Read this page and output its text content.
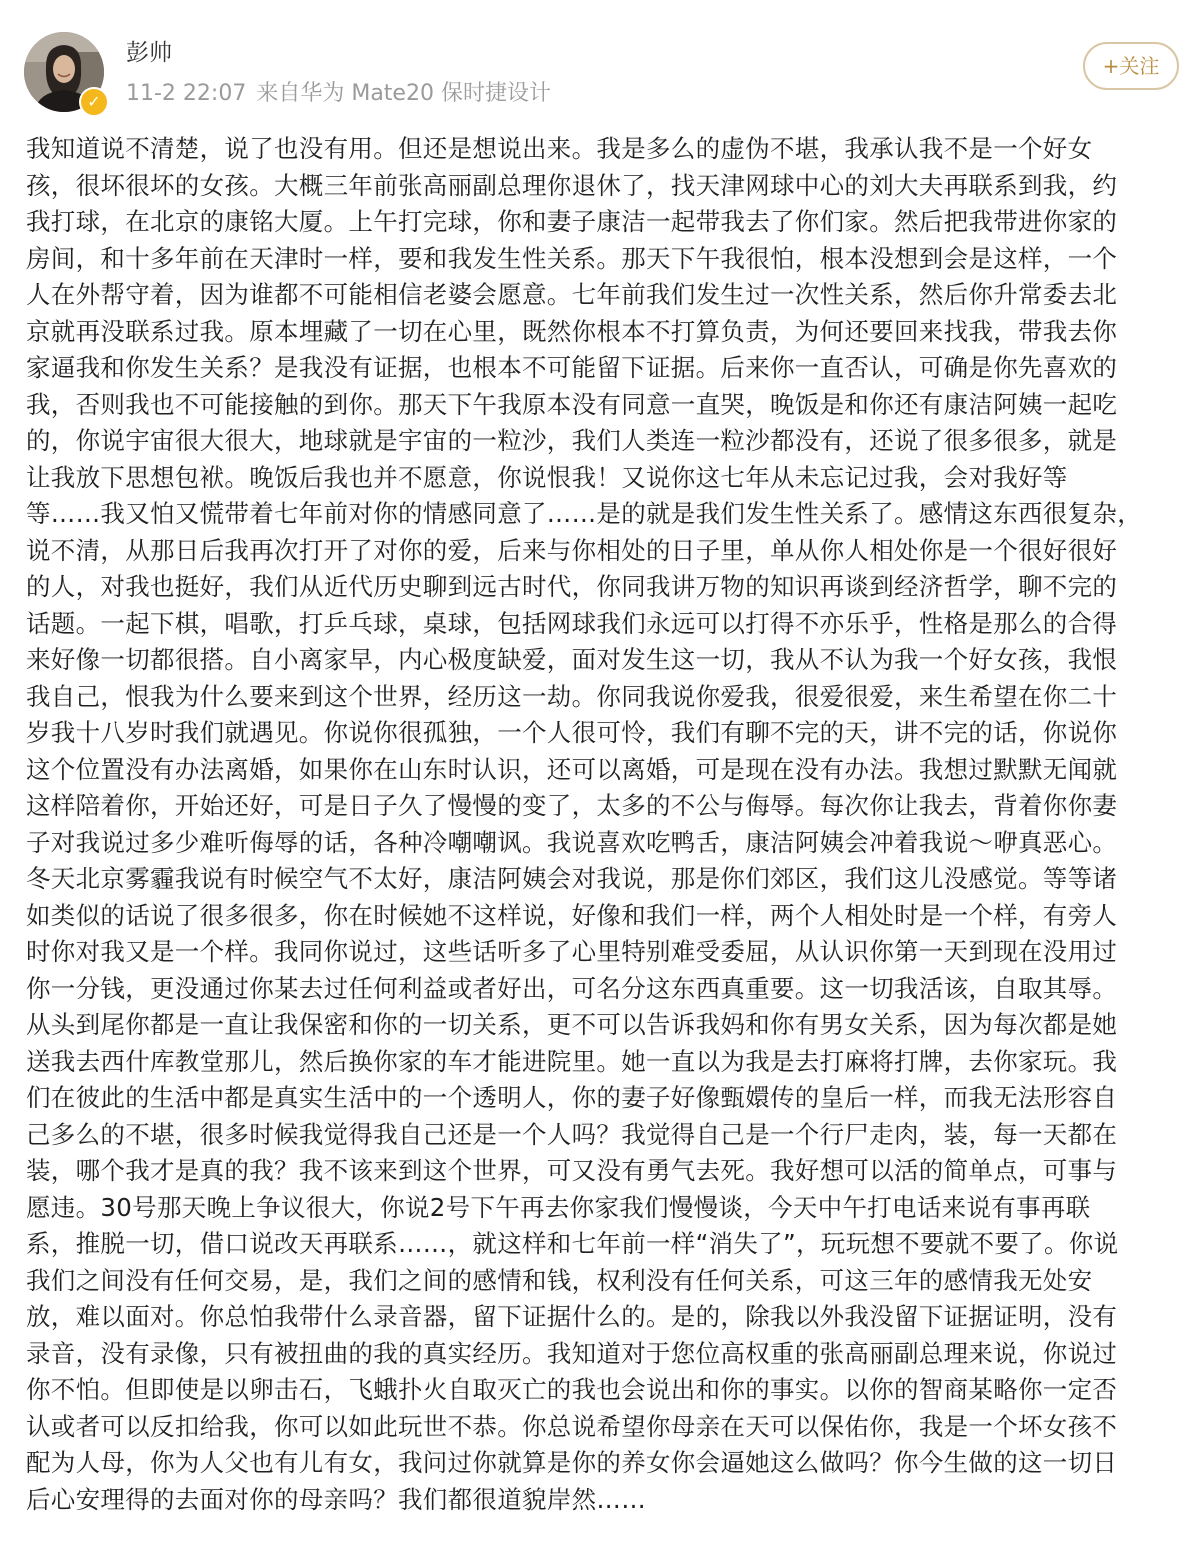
✓
彭帅
11-2 22:07 来自华为 Mate20 保时捷设计
+关注
我知道说不清楚，说了也没有用。但还是想说出来。我是多么的虚伪不堪，我承认我不是一个好女
孩，很坏很坏的女孩。大概三年前张高丽副总理你退休了，找天津网球中心的刘大夫再联系到我，约
我打球，在北京的康铭大厦。上午打完球，你和妻子康洁一起带我去了你们家。然后把我带进你家的
房间，和十多年前在天津时一样，要和我发生性关系。那天下午我很怕，根本没想到会是这样，一个
人在外帮守着，因为谁都不可能相信老婆会愿意。七年前我们发生过一次性关系，然后你升常委去北
京就再没联系过我。原本埋藏了一切在心里，既然你根本不打算负责，为何还要回来找我，带我去你
家逼我和你发生关系？是我没有证据，也根本不可能留下证据。后来你一直否认，可确是你先喜欢的
我，否则我也不可能接触的到你。那天下午我原本没有同意一直哭，晚饭是和你还有康洁阿姨一起吃
的，你说宇宙很大很大，地球就是宇宙的一粒沙，我们人类连一粒沙都没有，还说了很多很多，就是
让我放下思想包袱。晚饭后我也并不愿意，你说恨我！又说你这七年从未忘记过我，会对我好等
等……我又怕又慌带着七年前对你的情感同意了……是的就是我们发生性关系了。感情这东西很复杂，
说不清，从那日后我再次打开了对你的爱，后来与你相处的日子里，单从你人相处你是一个很好很好
的人，对我也挺好，我们从近代历史聊到远古时代，你同我讲万物的知识再谈到经济哲学，聊不完的
话题。一起下棋，唱歌，打乒乓球，桌球，包括网球我们永远可以打得不亦乐乎，性格是那么的合得
来好像一切都很搭。自小离家早，内心极度缺爱，面对发生这一切，我从不认为我一个好女孩，我恨
我自己，恨我为什么要来到这个世界，经历这一劫。你同我说你爱我，很爱很爱，来生希望在你二十
岁我十八岁时我们就遇见。你说你很孤独，一个人很可怜，我们有聊不完的天，讲不完的话，你说你
这个位置没有办法离婚，如果你在山东时认识，还可以离婚，可是现在没有办法。我想过默默无闻就
这样陪着你，开始还好，可是日子久了慢慢的变了，太多的不公与侮辱。每次你让我去，背着你你妻
子对我说过多少难听侮辱的话，各种冷嘲嘲讽。我说喜欢吃鸭舌，康洁阿姨会冲着我说～咿真恶心。
冬天北京雾霾我说有时候空气不太好，康洁阿姨会对我说，那是你们郊区，我们这儿没感觉。等等诸
如类似的话说了很多很多，你在时候她不这样说，好像和我们一样，两个人相处时是一个样，有旁人
时你对我又是一个样。我同你说过，这些话听多了心里特别难受委屈，从认识你第一天到现在没用过
你一分钱，更没通过你某去过任何利益或者好出，可名分这东西真重要。这一切我活该，自取其辱。
从头到尾你都是一直让我保密和你的一切关系，更不可以告诉我妈和你有男女关系，因为每次都是她
送我去西什库教堂那儿，然后换你家的车才能进院里。她一直以为我是去打麻将打牌，去你家玩。我
们在彼此的生活中都是真实生活中的一个透明人，你的妻子好像甄嬛传的皇后一样，而我无法形容自
己多么的不堪，很多时候我觉得我自己还是一个人吗？我觉得自己是一个行尸走肉，装，每一天都在
装，哪个我才是真的我？我不该来到这个世界，可又没有勇气去死。我好想可以活的简单点，可事与
愿违。30号那天晚上争议很大，你说2号下午再去你家我们慢慢谈，今天中午打电话来说有事再联
系，推脱一切，借口说改天再联系……，就这样和七年前一样“消失了”，玩玩想不要就不要了。你说
我们之间没有任何交易，是，我们之间的感情和钱，权利没有任何关系，可这三年的感情我无处安
放，难以面对。你总怕我带什么录音器，留下证据什么的。是的，除我以外我没留下证据证明，没有
录音，没有录像，只有被扭曲的我的真实经历。我知道对于您位高权重的张高丽副总理来说，你说过
你不怕。但即使是以卵击石，飞蛾扑火自取灭亡的我也会说出和你的事实。以你的智商某略你一定否
认或者可以反扣给我，你可以如此玩世不恭。你总说希望你母亲在天可以保佑你，我是一个坏女孩不
配为人母，你为人父也有儿有女，我问过你就算是你的养女你会逼她这么做吗？你今生做的这一切日
后心安理得的去面对你的母亲吗？我们都很道貌岸然……
